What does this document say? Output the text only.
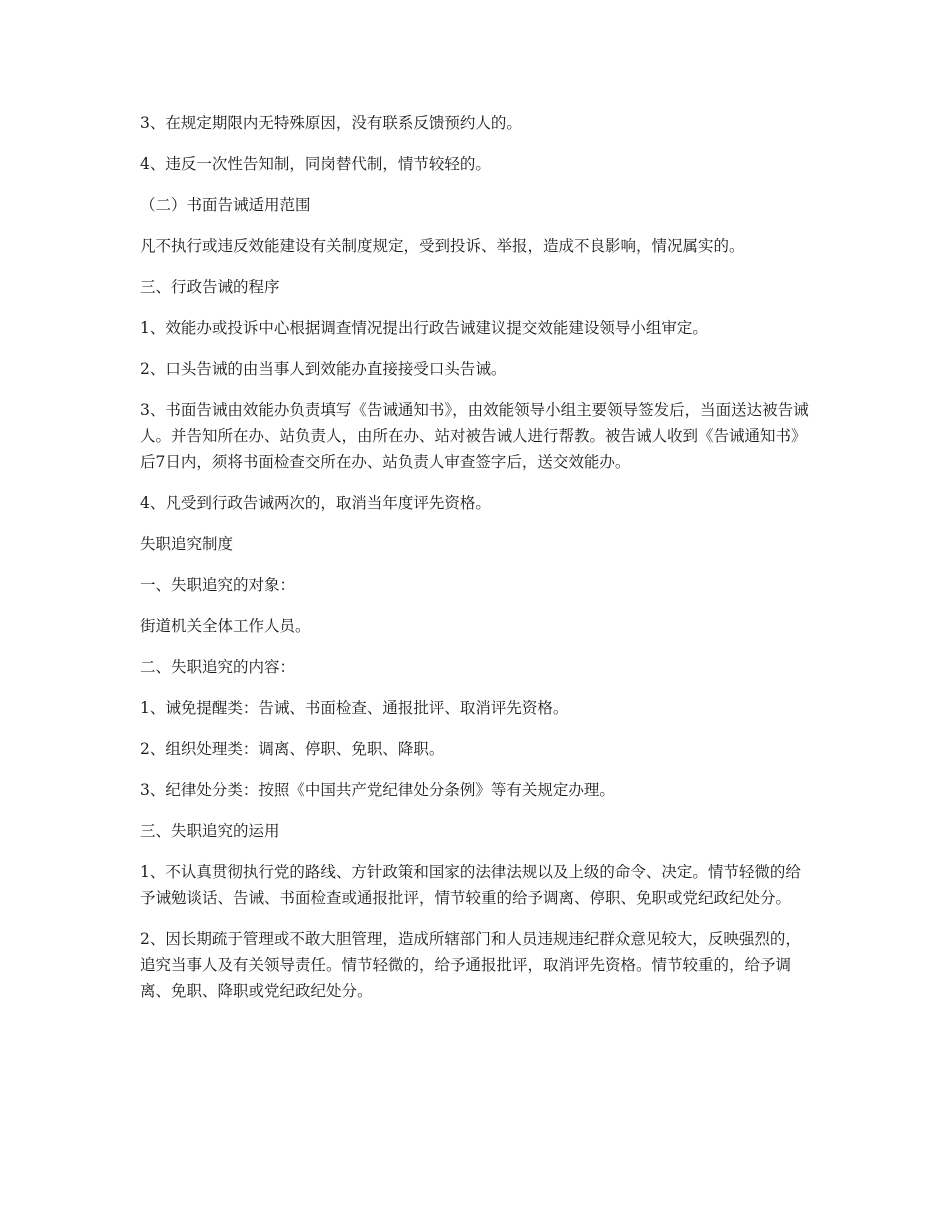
3、在规定期限内无特殊原因，没有联系反馈预约人的。

4、违反一次性告知制，同岗替代制，情节较轻的。

（二）书面告诫适用范围

凡不执行或违反效能建设有关制度规定，受到投诉、举报，造成不良影响，情况属实的。

三、行政告诫的程序

1、效能办或投诉中心根据调查情况提出行政告诫建议提交效能建设领导小组审定。

2、口头告诫的由当事人到效能办直接接受口头告诫。

3、书面告诫由效能办负责填写《告诫通知书》，由效能领导小组主要领导签发后，当面送达被告诫人。并告知所在办、站负责人，由所在办、站对被告诫人进行帮教。被告诫人收到《告诫通知书》后7日内，须将书面检查交所在办、站负责人审查签字后，送交效能办。

4、凡受到行政告诫两次的，取消当年度评先资格。

失职追究制度

一、失职追究的对象：

街道机关全体工作人员。

二、失职追究的内容：

1、诫免提醒类：告诫、书面检查、通报批评、取消评先资格。

2、组织处理类：调离、停职、免职、降职。

3、纪律处分类：按照《中国共产党纪律处分条例》等有关规定办理。

三、失职追究的运用

1、不认真贯彻执行党的路线、方针政策和国家的法律法规以及上级的命令、决定。情节轻微的给予诫勉谈话、告诫、书面检查或通报批评，情节较重的给予调离、停职、免职或党纪政纪处分。

2、因长期疏于管理或不敢大胆管理，造成所辖部门和人员违规违纪群众意见较大，反映强烈的，追究当事人及有关领导责任。情节轻微的，给予通报批评，取消评先资格。情节较重的，给予调离、免职、降职或党纪政纪处分。
